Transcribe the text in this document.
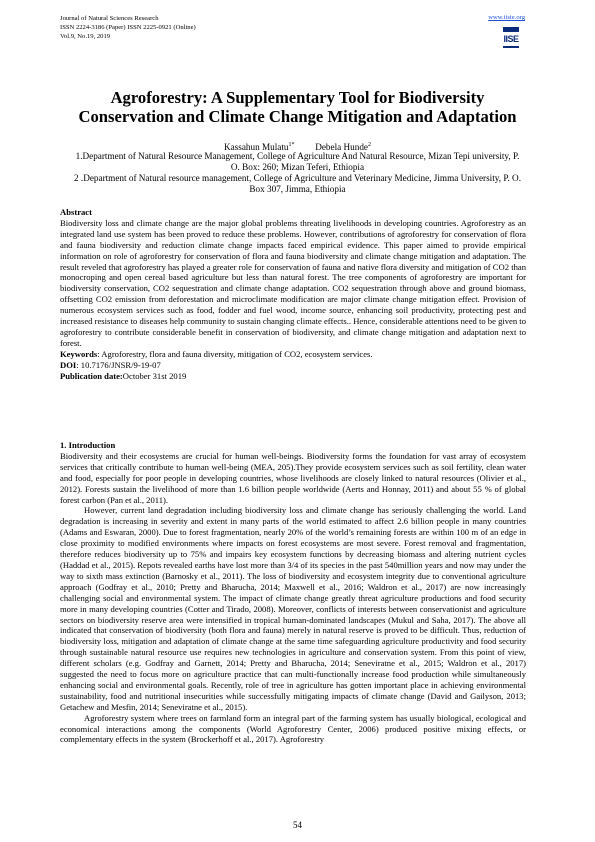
Journal of Natural Sciences Research
ISSN 2224-3186 (Paper) ISSN 2225-0921 (Online)
Vol.9, No.19, 2019
www.iiste.org
IISE
Agroforestry: A Supplementary Tool for Biodiversity
Conservation and Climate Change Mitigation and Adaptation
Kassahun Mulatu$^{1*}$ Debela Hunde$^2$
1.Department of Natural Resource Management, College of Agriculture And Natural Resource, Mizan Tepi university, P. O. Box: 260; Mizan Teferi, Ethiopia
2 .Department of Natural resource management, College of Agriculture and Veterinary Medicine, Jimma University, P. O. Box 307, Jimma, Ethiopia

Abstract

Biodiversity loss and climate change are the major global problems threating livelihoods in developing countries. Agroforestry as an integrated land use system has been proved to reduce these problems. However, contributions of agroforestry for conservation of flora and fauna biodiversity and reduction climate change impacts faced empirical evidence. This paper aimed to provide empirical information on role of agroforestry for conservation of flora and fauna biodiversity and climate change mitigation and adaptation. The result reveled that agroforestry has played a greater role for conservation of fauna and native flora diversity and mitigation of CO2 than monocroping and open cereal based agriculture but less than natural forest. The tree components of agroforestry are important for biodiversity conservation, CO2 sequestration and climate change adaptation. CO2 sequestration through above and ground biomass, offsetting CO2 emission from deforestation and microclimate modification are major climate change mitigation effect. Provision of numerous ecosystem services such as food, fodder and fuel wood, income source, enhancing soil productivity, protecting pest and increased resistance to diseases help community to sustain changing climate effects.. Hence, considerable attentions need to be given to agroforestry to contribute considerable benefit in conservation of biodiversity, and climate change mitigation and adaptation next to forest.

Keywords: Agroforestry, flora and fauna diversity, mitigation of CO2, ecosystem services.

DOI: 10.7176/JNSR/9-19-07

Publication date:October 31st 2019

1. Introduction

Biodiversity and their ecosystems are crucial for human well-beings. Biodiversity forms the foundation for vast array of ecosystem services that critically contribute to human well-being (MEA, 205).They provide ecosystem services such as soil fertility, clean water and food, especially for poor people in developing countries, whose livelihoods are closely linked to natural resources (Olivier et al., 2012). Forests sustain the livelihood of more than 1.6 billion people worldwide (Aerts and Honnay, 2011) and about 55 % of global forest carbon (Pan et al., 2011).

However, current land degradation including biodiversity loss and climate change has seriously challenging the world. Land degradation is increasing in severity and extent in many parts of the world estimated to affect 2.6 billion people in many countries (Adams and Eswaran, 2000). Due to forest fragmentation, nearly 20% of the world’s remaining forests are within 100 m of an edge in close proximity to modified environments where impacts on forest ecosystems are most severe. Forest removal and fragmentation, therefore reduces biodiversity up to 75% and impairs key ecosystem functions by decreasing biomass and altering nutrient cycles (Haddad et al., 2015). Repots revealed earths have lost more than 3/4 of its species in the past 540million years and now may under the way to sixth mass extinction (Barnosky et al., 2011). The loss of biodiversity and ecosystem integrity due to conventional agriculture approach (Godfray et al., 2010; Pretty and Bharucha, 2014; Maxwell et al., 2016; Waldron et al., 2017) are now increasingly challenging social and environmental system. The impact of climate change greatly threat agriculture productions and food security more in many developing countries (Cotter and Tirado, 2008). Moreover, conflicts of interests between conservationist and agriculture sectors on biodiversity reserve area were intensified in tropical human-dominated landscapes (Mukul and Saha, 2017). The above all indicated that conservation of biodiversity (both flora and fauna) merely in natural reserve is proved to be difficult. Thus, reduction of biodiversity loss, mitigation and adaptation of climate change at the same time safeguarding agriculture productivity and food security through sustainable natural resource use requires new technologies in agriculture and conservation system. From this point of view, different scholars (e.g. Godfray and Garnett, 2014; Pretty and Bharucha, 2014; Seneviratne et al., 2015; Waldron et al., 2017) suggested the need to focus more on agriculture practice that can multi-functionally increase food production while simultaneously enhancing social and environmental goals. Recently, role of tree in agriculture has gotten important place in achieving environmental sustainability, food and nutritional insecurities while successfully mitigating impacts of climate change (David and Gailyson, 2013; Getachew and Mesfin, 2014; Seneviratne et al., 2015).

Agroforestry system where trees on farmland form an integral part of the farming system has usually biological, ecological and economical interactions among the components (World Agroforestry Center, 2006) produced positive mixing effects, or complementary effects in the system (Brockerhoff et al., 2017). Agroforestry

54
